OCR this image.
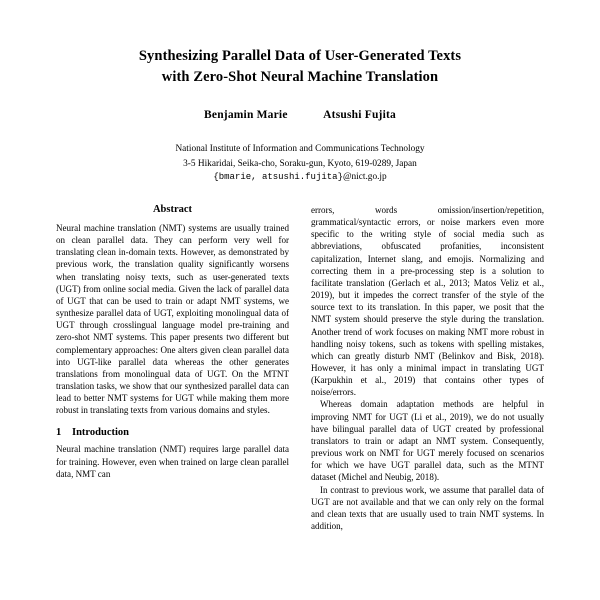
Synthesizing Parallel Data of User-Generated Texts
with Zero-Shot Neural Machine Translation
Benjamin Marie	Atsushi Fujita
National Institute of Information and Communications Technology
3-5 Hikaridai, Seika-cho, Soraku-gun, Kyoto, 619-0289, Japan
{bmarie, atsushi.fujita}@nict.go.jp
Abstract

Neural machine translation (NMT) systems are usually trained on clean parallel data. They can perform very well for translating clean in-domain texts. However, as demonstrated by previous work, the translation quality significantly worsens when translating noisy texts, such as user-generated texts (UGT) from online social media. Given the lack of parallel data of UGT that can be used to train or adapt NMT systems, we synthesize parallel data of UGT, exploiting monolingual data of UGT through crosslingual language model pre-training and zero-shot NMT systems. This paper presents two different but complementary approaches: One alters given clean parallel data into UGT-like parallel data whereas the other generates translations from monolingual data of UGT. On the MTNT translation tasks, we show that our synthesized parallel data can lead to better NMT systems for UGT while making them more robust in translating texts from various domains and styles.

1 Introduction

Neural machine translation (NMT) requires large parallel data for training. However, even when trained on large clean parallel data, NMT can

errors, words omission/insertion/repetition, grammatical/syntactic errors, or noise markers even more specific to the writing style of social media such as abbreviations, obfuscated profanities, inconsistent capitalization, Internet slang, and emojis. Normalizing and correcting them in a pre-processing step is a solution to facilitate translation (Gerlach et al., 2013; Matos Veliz et al., 2019), but it impedes the correct transfer of the style of the source text to its translation. In this paper, we posit that the NMT system should preserve the style during the translation. Another trend of work focuses on making NMT more robust in handling noisy tokens, such as tokens with spelling mistakes, which can greatly disturb NMT (Belinkov and Bisk, 2018). However, it has only a minimal impact in translating UGT (Karpukhin et al., 2019) that contains other types of noise/errors.

Whereas domain adaptation methods are helpful in improving NMT for UGT (Li et al., 2019), we do not usually have bilingual parallel data of UGT created by professional translators to train or adapt an NMT system. Consequently, previous work on NMT for UGT merely focused on scenarios for which we have UGT parallel data, such as the MTNT dataset (Michel and Neubig, 2018).

In contrast to previous work, we assume that parallel data of UGT are not available and that we can only rely on the formal and clean texts that are usually used to train NMT systems. In addition,
